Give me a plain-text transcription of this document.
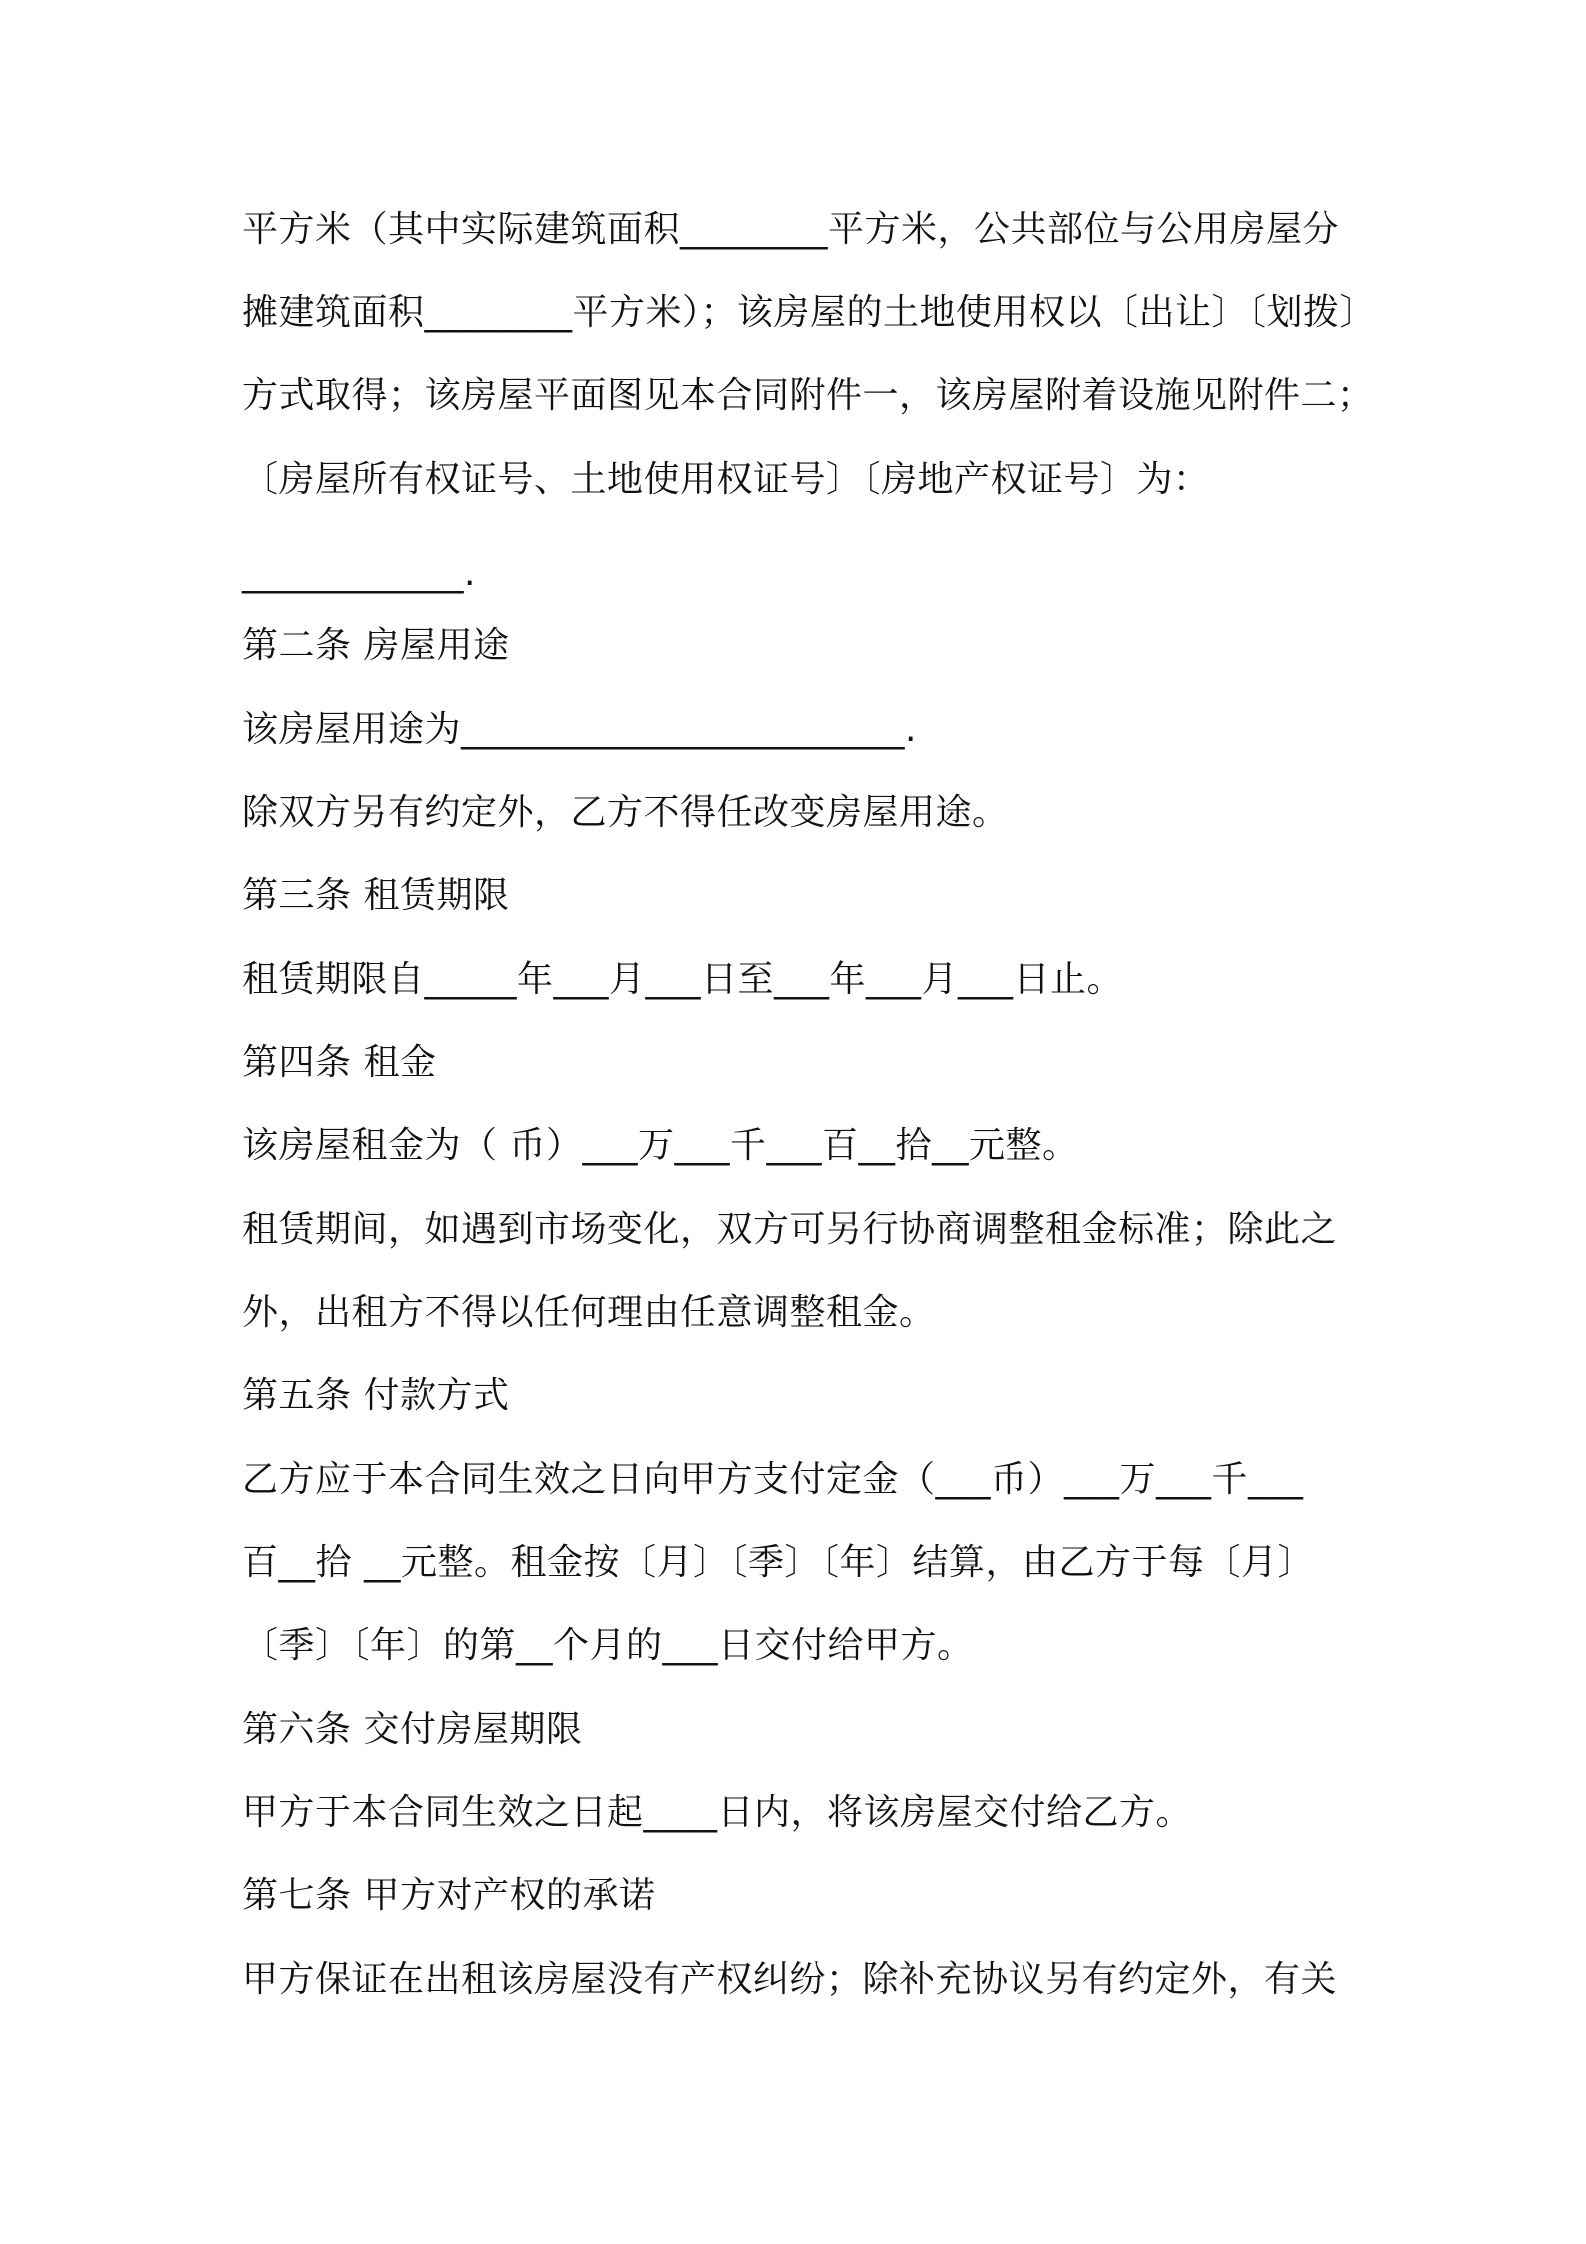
平方米（其中实际建筑面积________平方米，公共部位与公用房屋分
摊建筑面积________平方米）；该房屋的土地使用权以〔出让〕〔划拨〕
方式取得；该房屋平面图见本合同附件一，该房屋附着设施见附件二；
〔房屋所有权证号、土地使用权证号〕〔房地产权证号〕为：
____________.
第二条 房屋用途
该房屋用途为________________________.
除双方另有约定外，乙方不得任改变房屋用途。
第三条 租赁期限
租赁期限自_____年___月___日至___年___月___日止。
第四条 租金
该房屋租金为（ 币）___万___千___百__拾__元整。
租赁期间，如遇到市场变化，双方可另行协商调整租金标准；除此之
外，出租方不得以任何理由任意调整租金。
第五条 付款方式
乙方应于本合同生效之日向甲方支付定金（___币）___万___千___
百__拾 __元整。租金按〔月〕〔季〕〔年〕结算，由乙方于每〔月〕
〔季〕〔年〕的第__个月的___日交付给甲方。
第六条 交付房屋期限
甲方于本合同生效之日起____日内，将该房屋交付给乙方。
第七条 甲方对产权的承诺
甲方保证在出租该房屋没有产权纠纷；除补充协议另有约定外，有关
